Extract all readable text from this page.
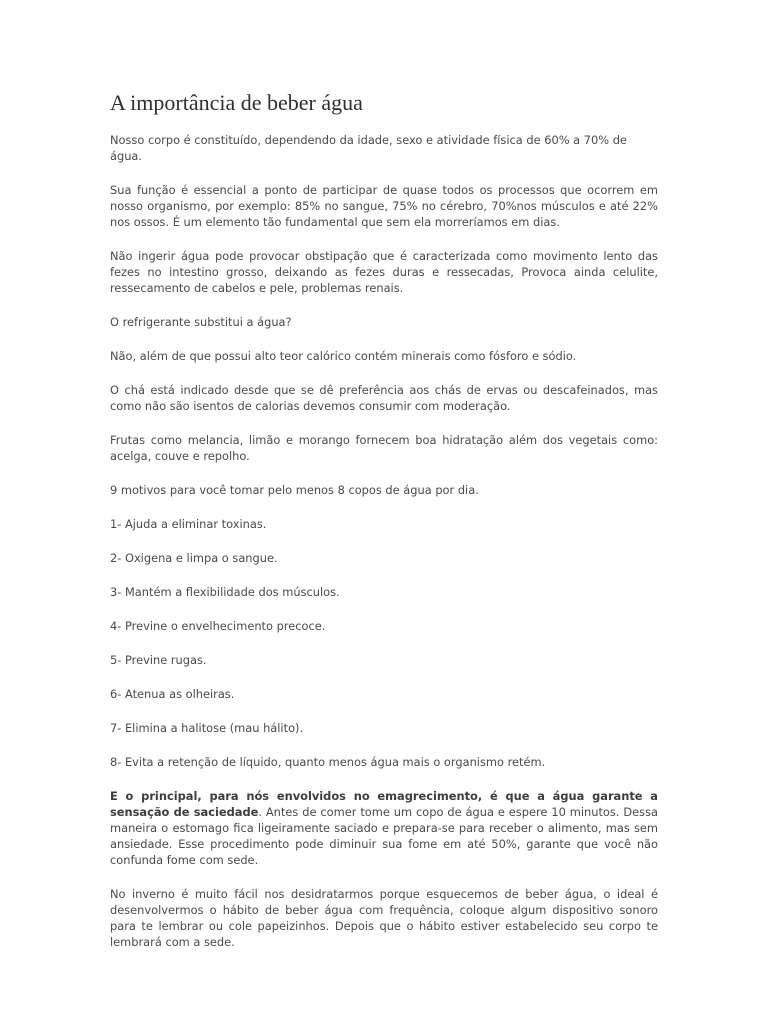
A importância de beber água

Nosso corpo é constituído, dependendo da idade, sexo e atividade física de 60% a 70% de água.

Sua função é essencial a ponto de participar de quase todos os processos que ocorrem em nosso organismo, por exemplo: 85% no sangue, 75% no cérebro, 70%nos músculos e até 22% nos ossos. É um elemento tão fundamental que sem ela morreríamos em dias.

Não ingerir água pode provocar obstipação que é caracterizada como movimento lento das fezes no intestino grosso, deixando as fezes duras e ressecadas, Provoca ainda celulite, ressecamento de cabelos e pele, problemas renais.

O refrigerante substitui a água?

Não, além de que possui alto teor calórico contém minerais como fósforo e sódio.

O chá está indicado desde que se dê preferência aos chás de ervas ou descafeinados, mas como não são isentos de calorias devemos consumir com moderação.

Frutas como melancia, limão e morango fornecem boa hidratação além dos vegetais como: acelga, couve e repolho.

9 motivos para você tomar pelo menos 8 copos de água por dia.

1- Ajuda a eliminar toxinas.
2- Oxigena e limpa o sangue.
3- Mantém a flexibilidade dos músculos.
4- Previne o envelhecimento precoce.
5- Previne rugas.
6- Atenua as olheiras.
7- Elimina a halitose (mau hálito).
8- Evita a retenção de líquido, quanto menos água mais o organismo retém.

E o principal, para nós envolvidos no emagrecimento, é que a água garante a sensação de saciedade. Antes de comer tome um copo de água e espere 10 minutos. Dessa maneira o estomago fica ligeiramente saciado e prepara-se para receber o alimento, mas sem ansiedade. Esse procedimento pode diminuir sua fome em até 50%, garante que você não confunda fome com sede.

No inverno é muito fácil nos desidratarmos porque esquecemos de beber água, o ideal é desenvolvermos o hábito de beber água com frequência, coloque algum dispositivo sonoro para te lembrar ou cole papeizinhos. Depois que o hábito estiver estabelecido seu corpo te lembrará com a sede.
